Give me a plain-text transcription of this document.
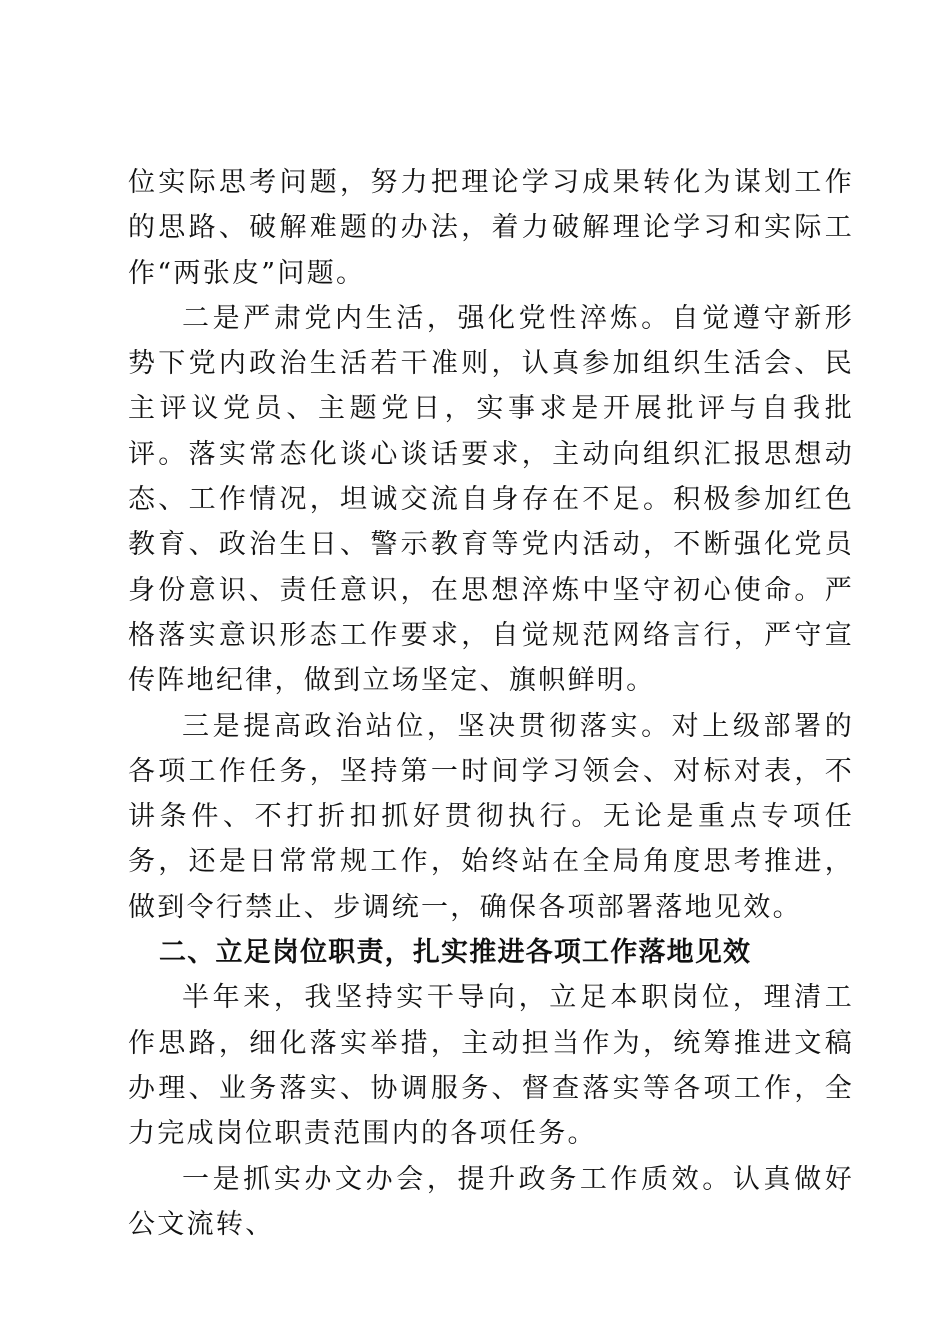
位实际思考问题，努力把理论学习成果转化为谋划工作的思路、破解难题的办法，着力破解理论学习和实际工作“两张皮”问题。

二是严肃党内生活，强化党性淬炼。自觉遵守新形势下党内政治生活若干准则，认真参加组织生活会、民主评议党员、主题党日，实事求是开展批评与自我批评。落实常态化谈心谈话要求，主动向组织汇报思想动态、工作情况，坦诚交流自身存在不足。积极参加红色教育、政治生日、警示教育等党内活动，不断强化党员身份意识、责任意识，在思想淬炼中坚守初心使命。严格落实意识形态工作要求，自觉规范网络言行，严守宣传阵地纪律，做到立场坚定、旗帜鲜明。

三是提高政治站位，坚决贯彻落实。对上级部署的各项工作任务，坚持第一时间学习领会、对标对表，不讲条件、不打折扣抓好贯彻执行。无论是重点专项任务，还是日常常规工作，始终站在全局角度思考推进，做到令行禁止、步调统一，确保各项部署落地见效。

二、立足岗位职责，扎实推进各项工作落地见效

半年来，我坚持实干导向，立足本职岗位，理清工作思路，细化落实举措，主动担当作为，统筹推进文稿办理、业务落实、协调服务、督查落实等各项工作，全力完成岗位职责范围内的各项任务。

一是抓实办文办会，提升政务工作质效。认真做好公文流转、
